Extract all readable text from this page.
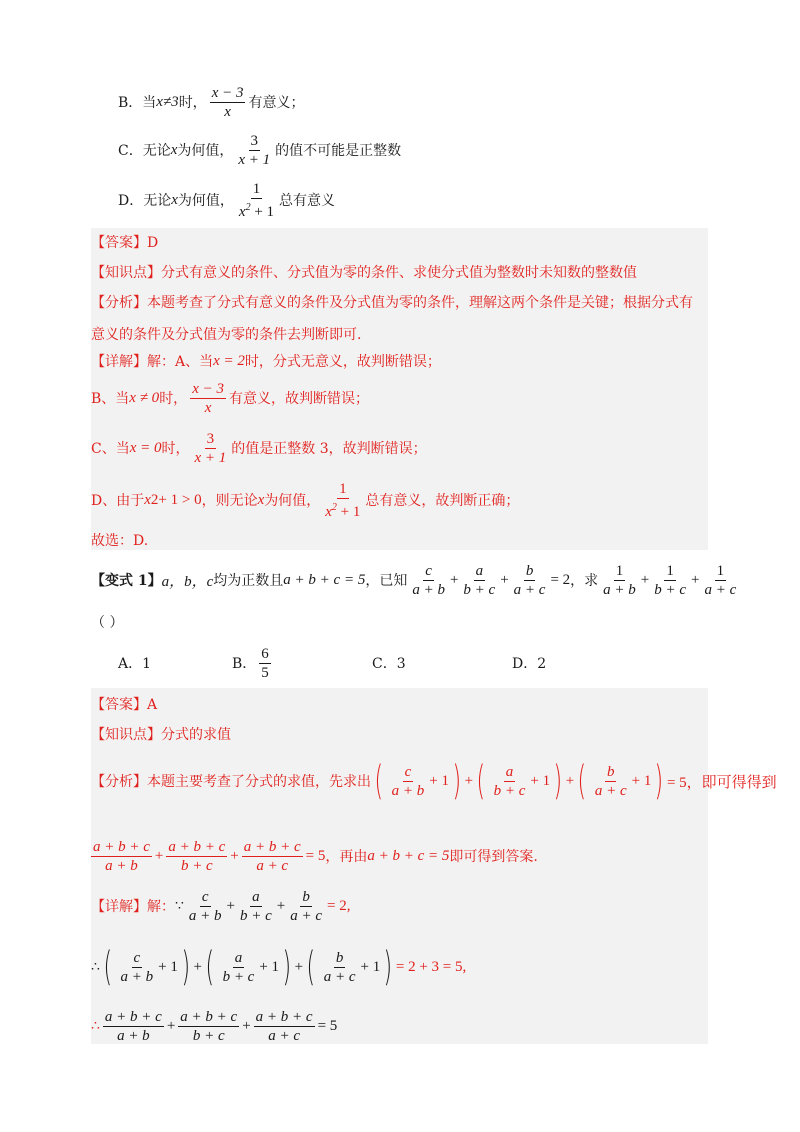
B．当 x≠3 时， $\frac{x - 3}{x}$ 有意义；
C．无论 x 为何值， $\frac{3}{x + 1}$ 的值不可能是正整数
D．无论 x 为何值， $\frac{1}{x^2 + 1}$ 总有意义
【答案】D
【知识点】分式有意义的条件、分式值为零的条件、求使分式值为整数时未知数的整数值
【分析】本题考查了分式有意义的条件及分式值为零的条件，理解这两个条件是关键；根据分式有
意义的条件及分式值为零的条件去判断即可.
【详解】解：A、当 x = 2 时，分式无意义，故判断错误；
B、当 x ≠ 0 时， $\frac{x - 3}{x}$ 有意义，故判断错误；
C、当 x = 0 时， $\frac{3}{x + 1}$ 的值是正整数 3，故判断错误；
D、由于 x 2 + 1 > 0 ，则无论 x 为何值， $\frac{1}{x^2 + 1}$ 总有意义，故判断正确；
故选：D.
【变式 1】 a，b，c 均为正数且 a + b + c = 5 ，已知 $\frac{c}{a + b} + \frac{a}{b + c} + \frac{b}{a + c} = 2$ ，求 $\frac{1}{a + b} + \frac{1}{b + c} + \frac{1}{a + c}$
（ ）
A．1	B． $\frac{6}{5}$	C．3	D．2
【答案】A
【知识点】分式的求值
【分析】本题主要考查了分式的求值，先求出 ( $\frac{c}{a + b} + 1$ ) + ( $\frac{a}{b + c} + 1$ ) + ( $\frac{b}{a + c} + 1$ ) = 5，即可得得到
$\frac{a + b + c}{a + b} + \frac{a + b + c}{b + c} + \frac{a + b + c}{a + c} = 5$ ，再由 a + b + c = 5 即可得到答案.
【详解】解： ∵ $\frac{c}{a + b} + \frac{a}{b + c} + \frac{b}{a + c} = 2$,
∴ ( $\frac{c}{a + b} + 1$ ) + ( $\frac{a}{b + c} + 1$ ) + ( $\frac{b}{a + c} + 1$ ) = 2 + 3 = 5,
∴ $\frac{a + b + c}{a + b} + \frac{a + b + c}{b + c} + \frac{a + b + c}{a + c} = 5$
